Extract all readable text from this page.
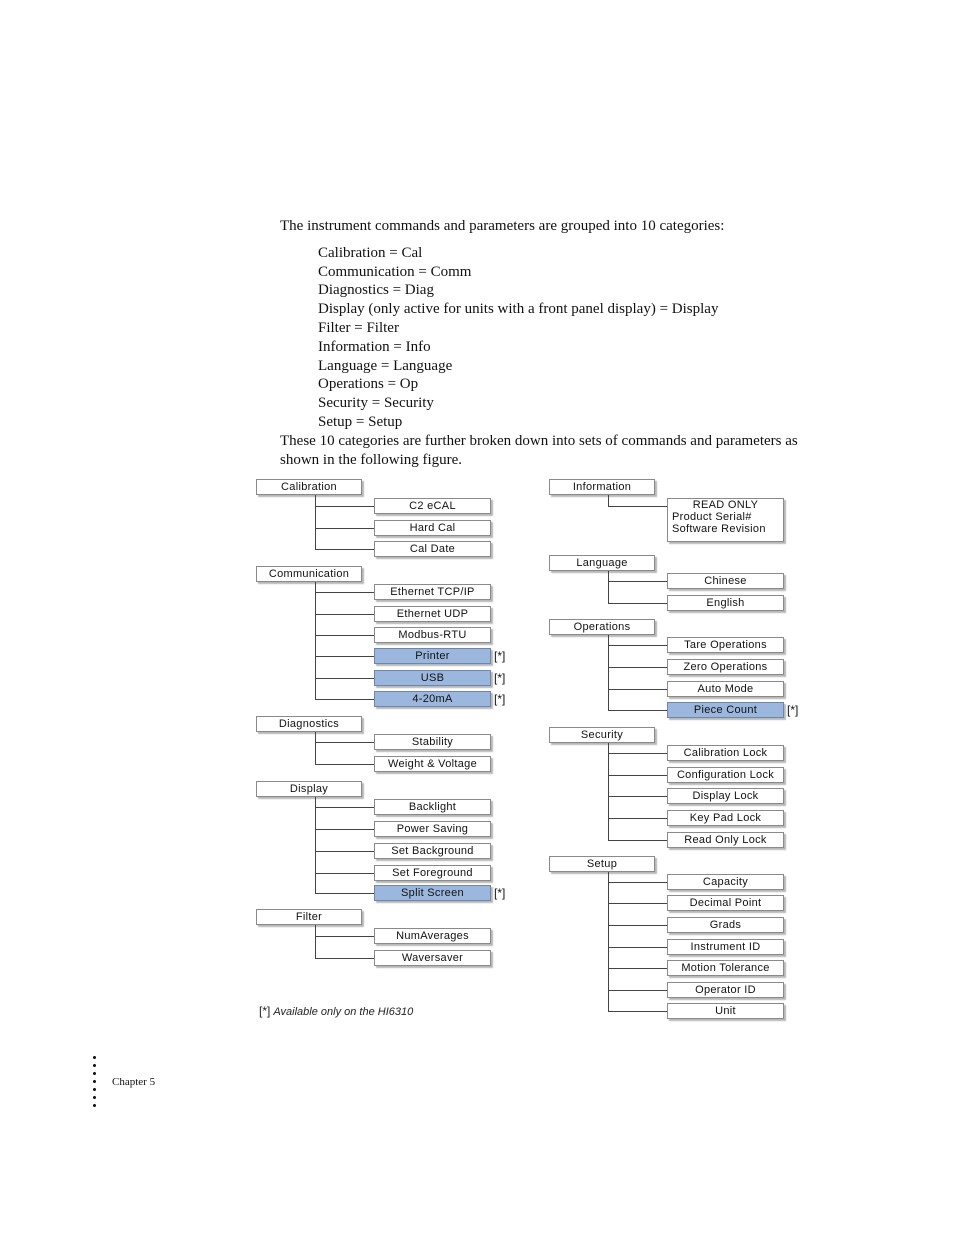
The instrument commands and parameters are grouped into 10 categories:

Calibration = Cal
Communication = Comm
Diagnostics = Diag
Display (only active for units with a front panel display) = Display
Filter = Filter
Information = Info
Language = Language
Operations = Op
Security = Security
Setup = Setup

These 10 categories are further broken down into sets of commands and parameters as shown in the following figure.

Calibration
C2 eCAL
Hard Cal
Cal Date
Communication
Ethernet TCP/IP
Ethernet UDP
Modbus-RTU
Printer	[*]
USB	[*]
4-20mA	[*]
Diagnostics
Stability
Weight & Voltage
Display
Backlight
Power Saving
Set Background
Set Foreground
Split Screen	[*]
Filter
NumAverages
Waversaver
Information
READ ONLY
Product Serial#
Software Revision
Language
Chinese
English
Operations
Tare Operations
Zero Operations
Auto Mode
Piece Count	[*]
Security
Calibration Lock
Configuration Lock
Display Lock
Key Pad Lock
Read Only Lock
Setup
Capacity
Decimal Point
Grads
Instrument ID
Motion Tolerance
Operator ID
Unit
[*] Available only on the HI6310
Chapter 5
